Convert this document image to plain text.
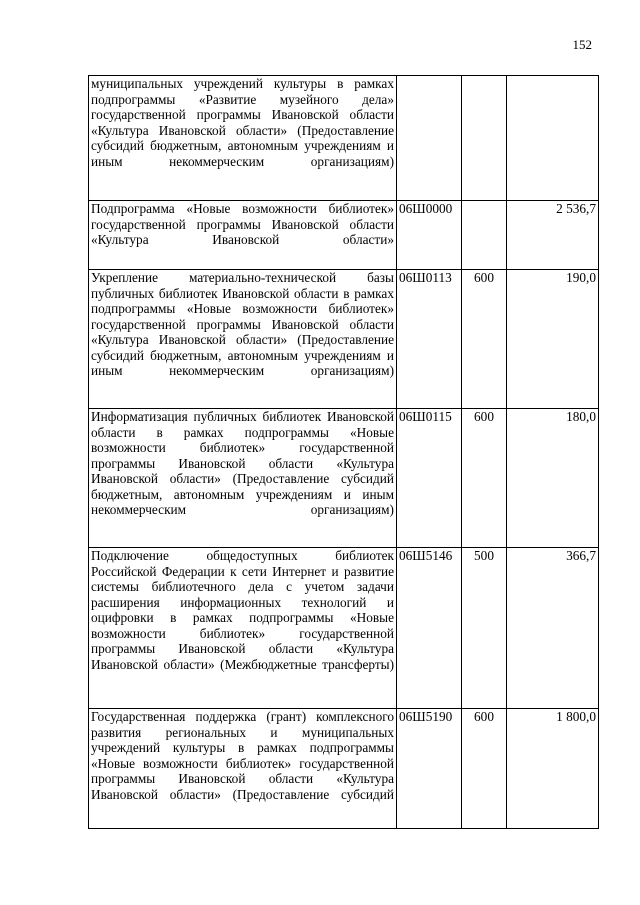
152
муниципальных учреждений культуры в рамках подпрограммы «Развитие музейного дела» государственной программы Ивановской области «Культура Ивановской области» (Предоставление субсидий бюджетным, автономным учреждениям и иным некоммерческим организациям)			

Подпрограмма «Новые возможности библиотек» государственной программы Ивановской области «Культура Ивановской области»	06Ш0000		2 536,7

Укрепление материально-технической базы публичных библиотек Ивановской области в рамках подпрограммы «Новые возможности библиотек» государственной программы Ивановской области «Культура Ивановской области» (Предоставление субсидий бюджетным, автономным учреждениям и иным некоммерческим организациям)	06Ш0113	600	190,0

Информатизация публичных библиотек Ивановской области в рамках подпрограммы «Новые возможности библиотек» государственной программы Ивановской области «Культура Ивановской области» (Предоставление субсидий бюджетным, автономным учреждениям и иным некоммерческим организациям)	06Ш0115	600	180,0

Подключение общедоступных библиотек Российской Федерации к сети Интернет и развитие системы библиотечного дела с учетом задачи расширения информационных технологий и оцифровки в рамках подпрограммы «Новые возможности библиотек» государственной программы Ивановской области «Культура Ивановской области» (Межбюджетные трансферты)	06Ш5146	500	366,7

Государственная поддержка (грант) комплексного развития региональных и муниципальных учреждений культуры в рамках подпрограммы «Новые возможности библиотек» государственной программы Ивановской области «Культура Ивановской области» (Предоставление субсидий	06Ш5190	600	1 800,0
